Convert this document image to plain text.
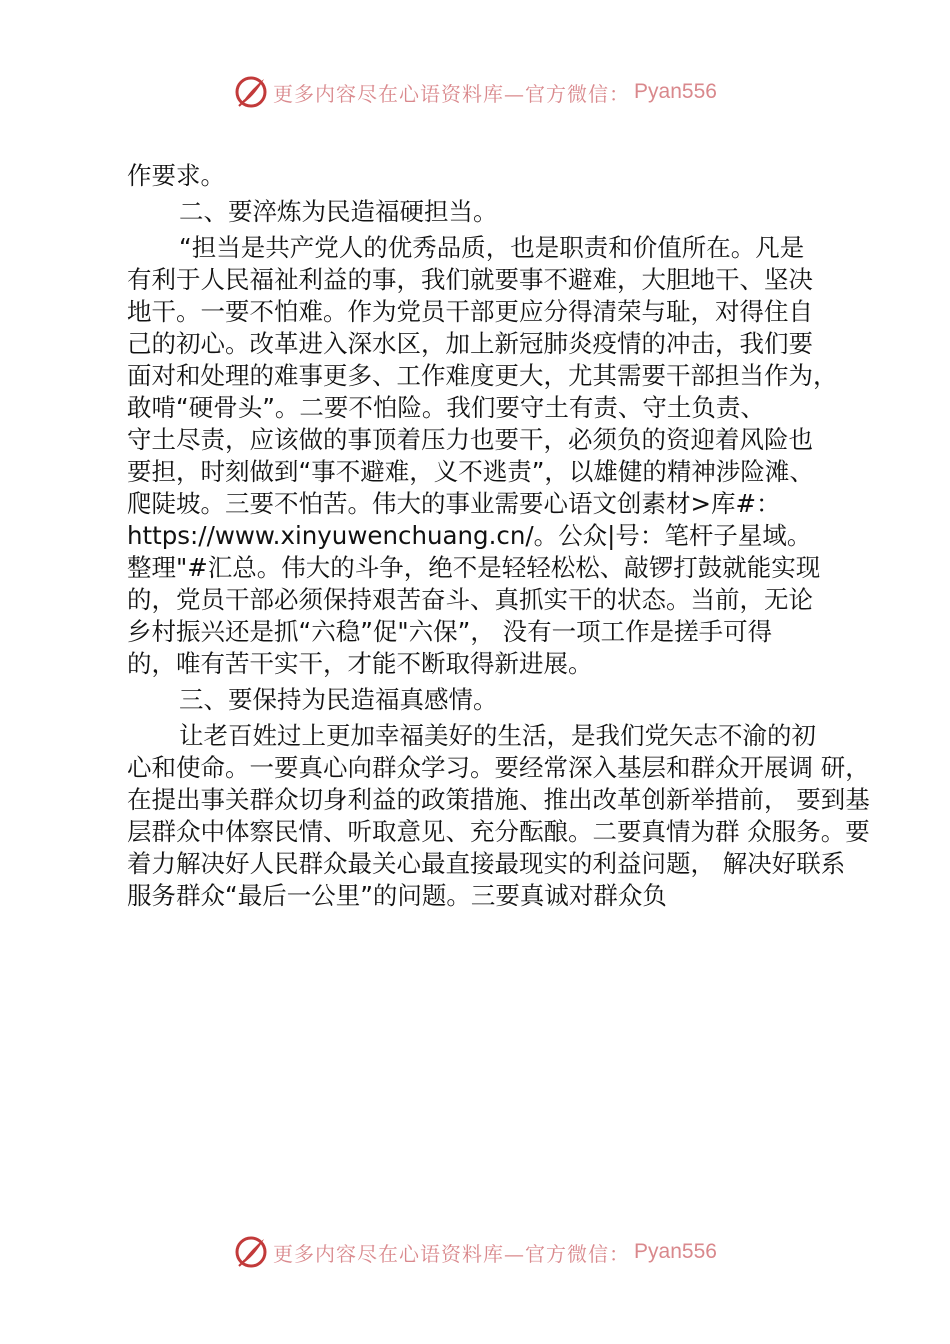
更多内容尽在心语资料库—官方微信： Pyan556
作要求。
二、要淬炼为民造福硬担当。
“担当是共产党人的优秀品质，也是职责和价值所在。凡是
有利于人民福祉利益的事，我们就要事不避难，大胆地干、坚决
地干。一要不怕难。作为党员干部更应分得清荣与耻，对得住自
己的初心。改革进入深水区，加上新冠肺炎疫情的冲击，我们要
面对和处理的难事更多、工作难度更大，尤其需要干部担当作为，
敢啃“硬骨头”。二要不怕险。我们要守土有责、守土负责、
守土尽责，应该做的事顶着压力也要干，必须负的资迎着风险也
要担，时刻做到“事不避难，义不逃责”，以雄健的精神涉险滩、
爬陡坡。三要不怕苦。伟大的事业需要心语文创素材>库#：
https://www.xinyuwenchuang.cn/。公众|号：笔杆子星域。
整理"#汇总。伟大的斗争，绝不是轻轻松松、敲锣打鼓就能实现
的，党员干部必须保持艰苦奋斗、真抓实干的状态。当前，无论
乡村振兴还是抓“六稳”促"六保”， 没有一项工作是搓手可得
的，唯有苦干实干，才能不断取得新进展。
三、要保持为民造福真感情。
让老百姓过上更加幸福美好的生活，是我们党矢志不渝的初
心和使命。一要真心向群众学习。要经常深入基层和群众开展调 研，
在提出事关群众切身利益的政策措施、推出改革创新举措前， 要到基
层群众中体察民情、听取意见、充分酝酿。二要真情为群 众服务。要
着力解决好人民群众最关心最直接最现实的利益问题， 解决好联系
服务群众“最后一公里”的问题。三要真诚对群众负
更多内容尽在心语资料库—官方微信： Pyan556
